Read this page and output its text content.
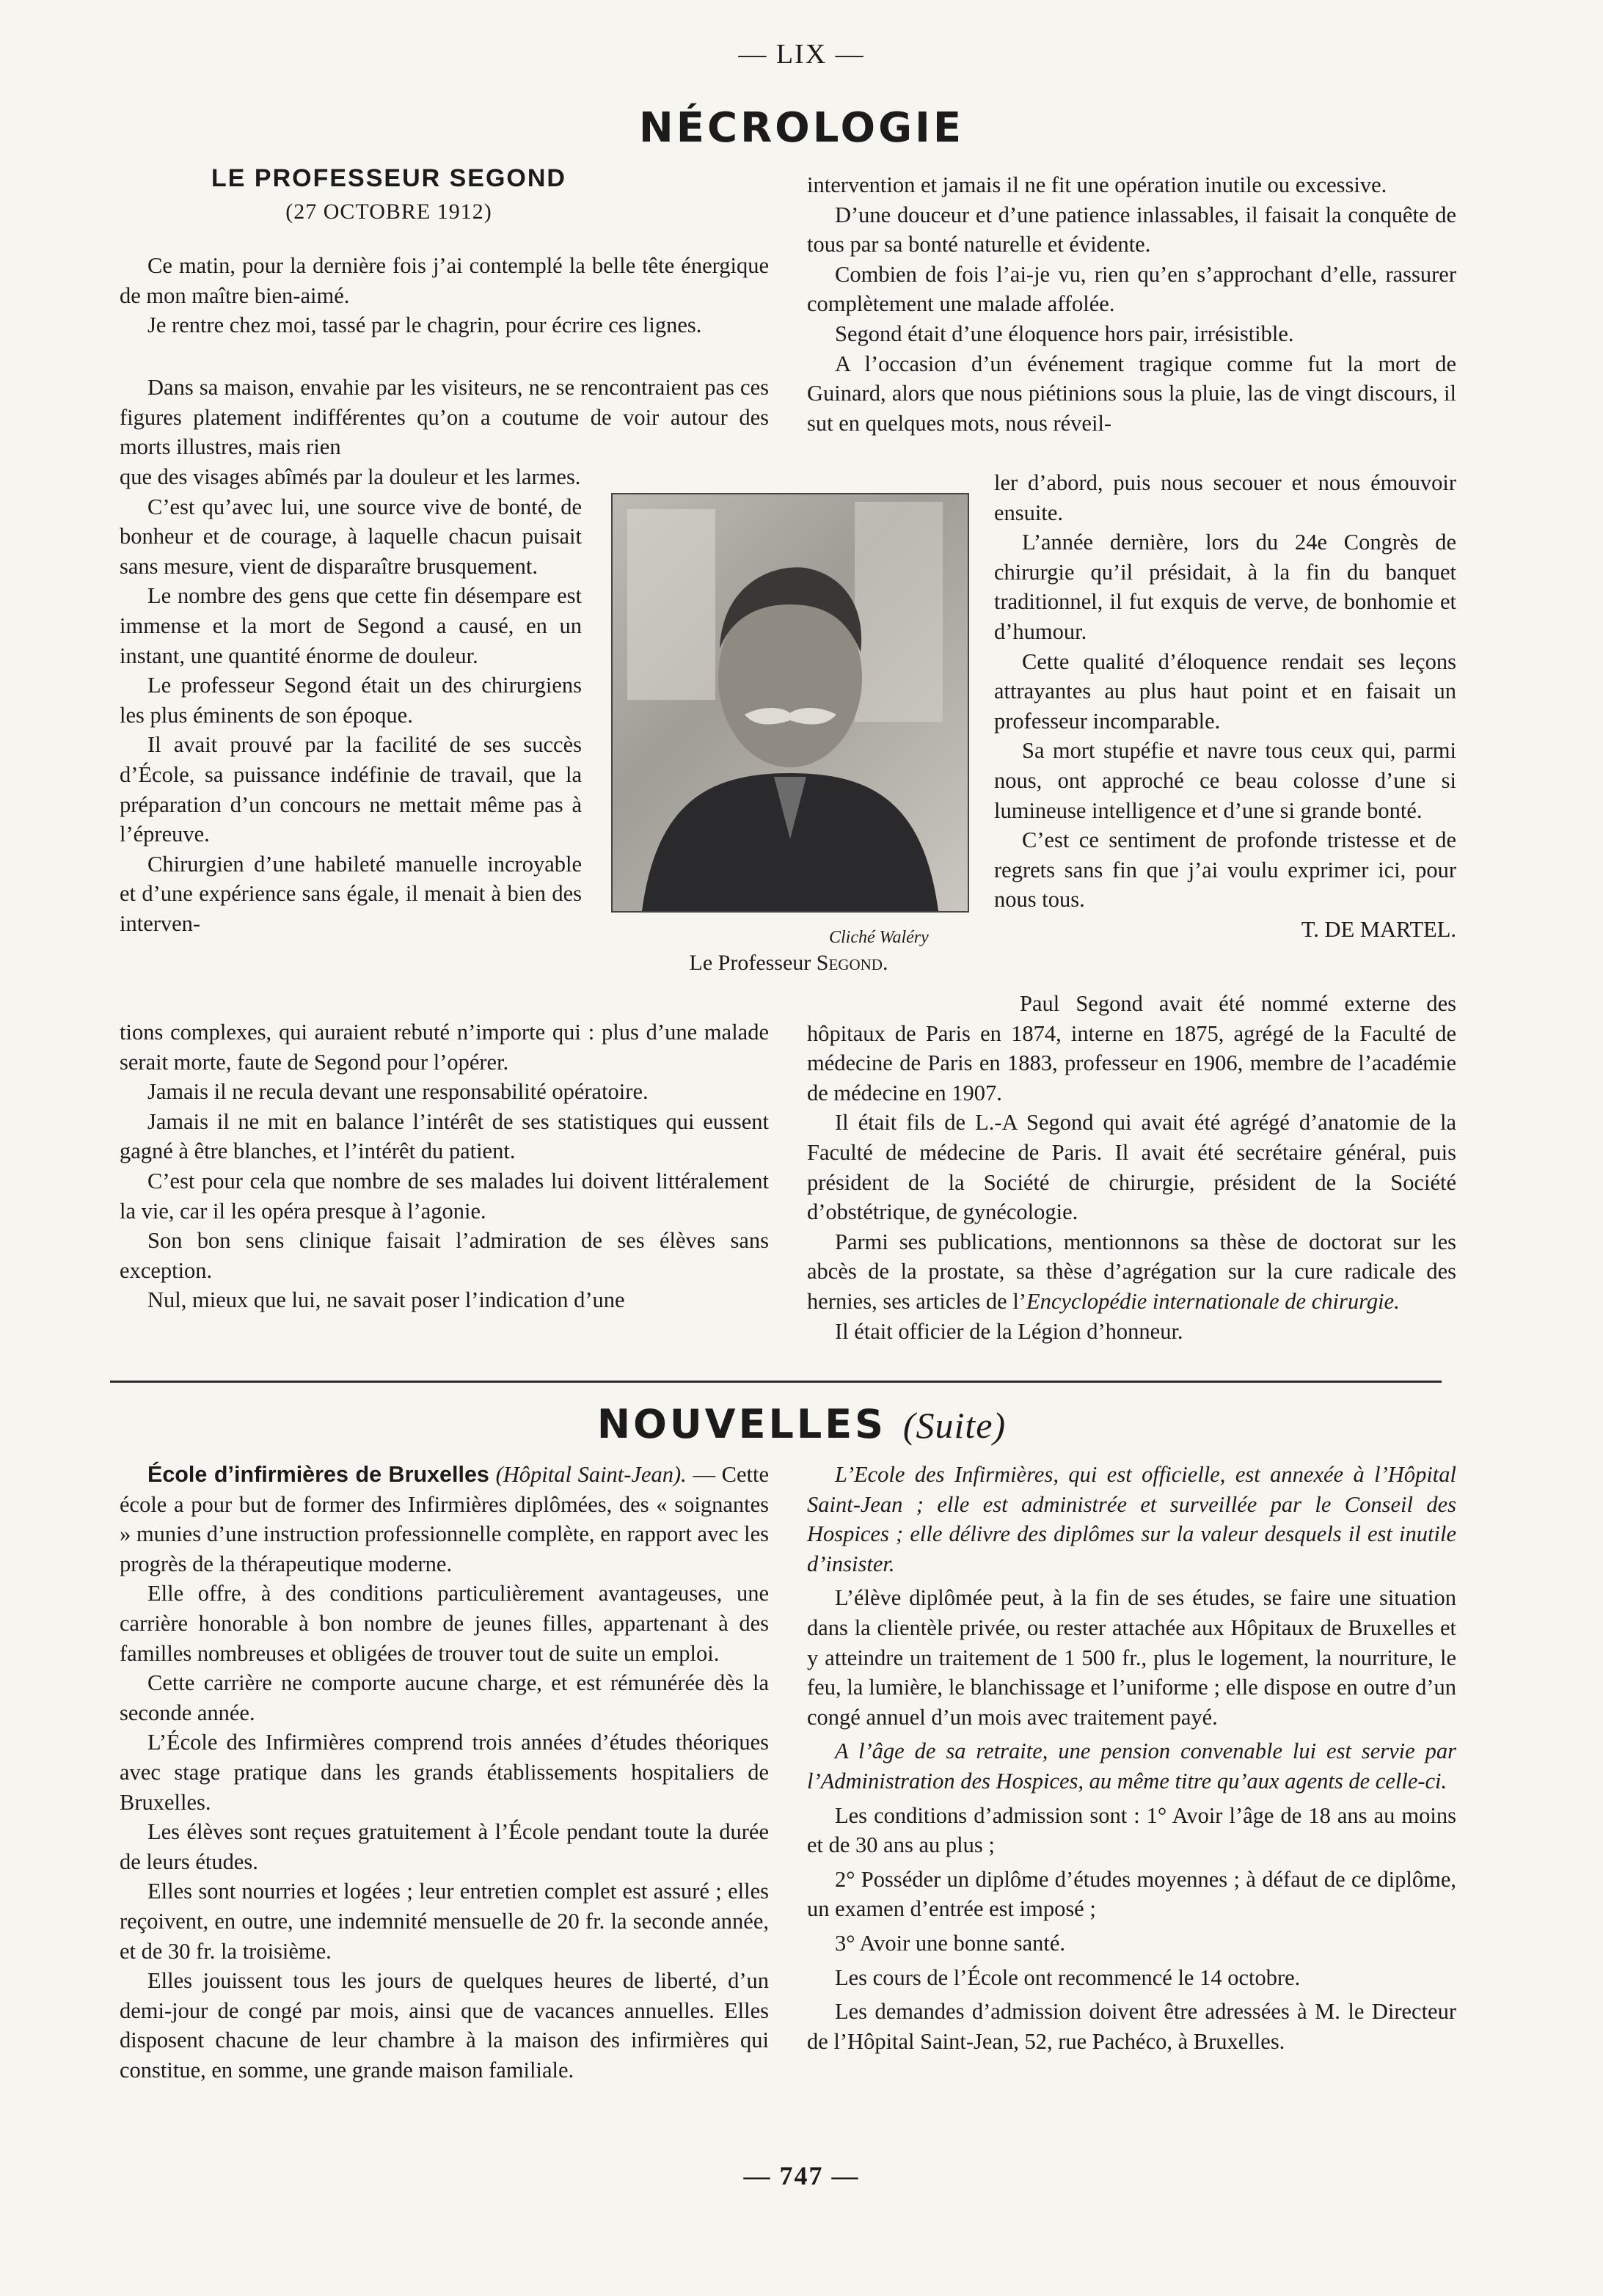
— LIX —
NÉCROLOGIE
LE PROFESSEUR SEGOND
(27 OCTOBRE 1912)

Ce matin, pour la dernière fois j’ai contemplé la belle tête énergique de mon maître bien-aimé.

Je rentre chez moi, tassé par le chagrin, pour écrire ces lignes.

Dans sa maison, envahie par les visiteurs, ne se rencontraient pas ces figures platement indifférentes qu’on a coutume de voir autour des morts illustres, mais rien

que des visages abîmés par la douleur et les larmes.

C’est qu’avec lui, une source vive de bonté, de bonheur et de courage, à laquelle chacun puisait sans mesure, vient de disparaître brusquement.

Le nombre des gens que cette fin désempare est immense et la mort de Segond a causé, en un instant, une quantité énorme de douleur.

Le professeur Segond était un des chirurgiens les plus éminents de son époque.

Il avait prouvé par la facilité de ses succès d’École, sa puissance indéfinie de travail, que la préparation d’un concours ne mettait même pas à l’épreuve.

Chirurgien d’une habileté manuelle incroyable et d’une expérience sans égale, il menait à bien des interven-

tions complexes, qui auraient rebuté n’importe qui : plus d’une malade serait morte, faute de Segond pour l’opérer.

Jamais il ne recula devant une responsabilité opératoire.

Jamais il ne mit en balance l’intérêt de ses statistiques qui eussent gagné à être blanches, et l’intérêt du patient.

C’est pour cela que nombre de ses malades lui doivent littéralement la vie, car il les opéra presque à l’agonie.

Son bon sens clinique faisait l’admiration de ses élèves sans exception.

Nul, mieux que lui, ne savait poser l’indication d’une

Cliché Waléry
Le Professeur Segond.

intervention et jamais il ne fit une opération inutile ou excessive.

D’une douceur et d’une patience inlassables, il faisait la conquête de tous par sa bonté naturelle et évidente.

Combien de fois l’ai-je vu, rien qu’en s’approchant d’elle, rassurer complètement une malade affolée.

Segond était d’une éloquence hors pair, irrésistible.

A l’occasion d’un événement tragique comme fut la mort de Guinard, alors que nous piétinions sous la pluie, las de vingt discours, il sut en quelques mots, nous réveil-

ler d’abord, puis nous secouer et nous émouvoir ensuite.

L’année dernière, lors du 24e Congrès de chirurgie qu’il présidait, à la fin du banquet traditionnel, il fut exquis de verve, de bonhomie et d’humour.

Cette qualité d’éloquence rendait ses leçons attrayantes au plus haut point et en faisait un professeur incomparable.

Sa mort stupéfie et navre tous ceux qui, parmi nous, ont approché ce beau colosse d’une si lumineuse intelligence et d’une si grande bonté.

C’est ce sentiment de profonde tristesse et de regrets sans fin que j’ai voulu exprimer ici, pour nous tous.

T. DE MARTEL.

Paul Segond avait été nommé externe des hôpitaux de Paris en 1874, interne en 1875, agrégé de la Faculté de médecine de Paris en 1883, professeur en 1906, membre de l’académie de médecine en 1907.

Il était fils de L.-A Segond qui avait été agrégé d’anatomie de la Faculté de médecine de Paris. Il avait été secrétaire général, puis président de la Société de chirurgie, président de la Société d’obstétrique, de gynécologie.

Parmi ses publications, mentionnons sa thèse de doctorat sur les abcès de la prostate, sa thèse d’agrégation sur la cure radicale des hernies, ses articles de l’Encyclopédie internationale de chirurgie.

Il était officier de la Légion d’honneur.

NOUVELLES (Suite)

École d’infirmières de Bruxelles (Hôpital Saint-Jean). — Cette école a pour but de former des Infirmières diplômées, des « soignantes » munies d’une instruction professionnelle complète, en rapport avec les progrès de la thérapeutique moderne.

Elle offre, à des conditions particulièrement avantageuses, une carrière honorable à bon nombre de jeunes filles, appartenant à des familles nombreuses et obligées de trouver tout de suite un emploi.

Cette carrière ne comporte aucune charge, et est rémunérée dès la seconde année.

L’École des Infirmières comprend trois années d’études théoriques avec stage pratique dans les grands établissements hospitaliers de Bruxelles.

Les élèves sont reçues gratuitement à l’École pendant toute la durée de leurs études.

Elles sont nourries et logées ; leur entretien complet est assuré ; elles reçoivent, en outre, une indemnité mensuelle de 20 fr. la seconde année, et de 30 fr. la troisième.

Elles jouissent tous les jours de quelques heures de liberté, d’un demi-jour de congé par mois, ainsi que de vacances annuelles. Elles disposent chacune de leur chambre à la maison des infirmières qui constitue, en somme, une grande maison familiale.

L’Ecole des Infirmières, qui est officielle, est annexée à l’Hôpital Saint-Jean ; elle est administrée et surveillée par le Conseil des Hospices ; elle délivre des diplômes sur la valeur desquels il est inutile d’insister.

L’élève diplômée peut, à la fin de ses études, se faire une situation dans la clientèle privée, ou rester attachée aux Hôpitaux de Bruxelles et y atteindre un traitement de 1 500 fr., plus le logement, la nourriture, le feu, la lumière, le blanchissage et l’uniforme ; elle dispose en outre d’un congé annuel d’un mois avec traitement payé.

A l’âge de sa retraite, une pension convenable lui est servie par l’Administration des Hospices, au même titre qu’aux agents de celle-ci.

Les conditions d’admission sont : 1° Avoir l’âge de 18 ans au moins et de 30 ans au plus ;

2° Posséder un diplôme d’études moyennes ; à défaut de ce diplôme, un examen d’entrée est imposé ;

3° Avoir une bonne santé.

Les cours de l’École ont recommencé le 14 octobre.

Les demandes d’admission doivent être adressées à M. le Directeur de l’Hôpital Saint-Jean, 52, rue Pachéco, à Bruxelles.

— 747 —
